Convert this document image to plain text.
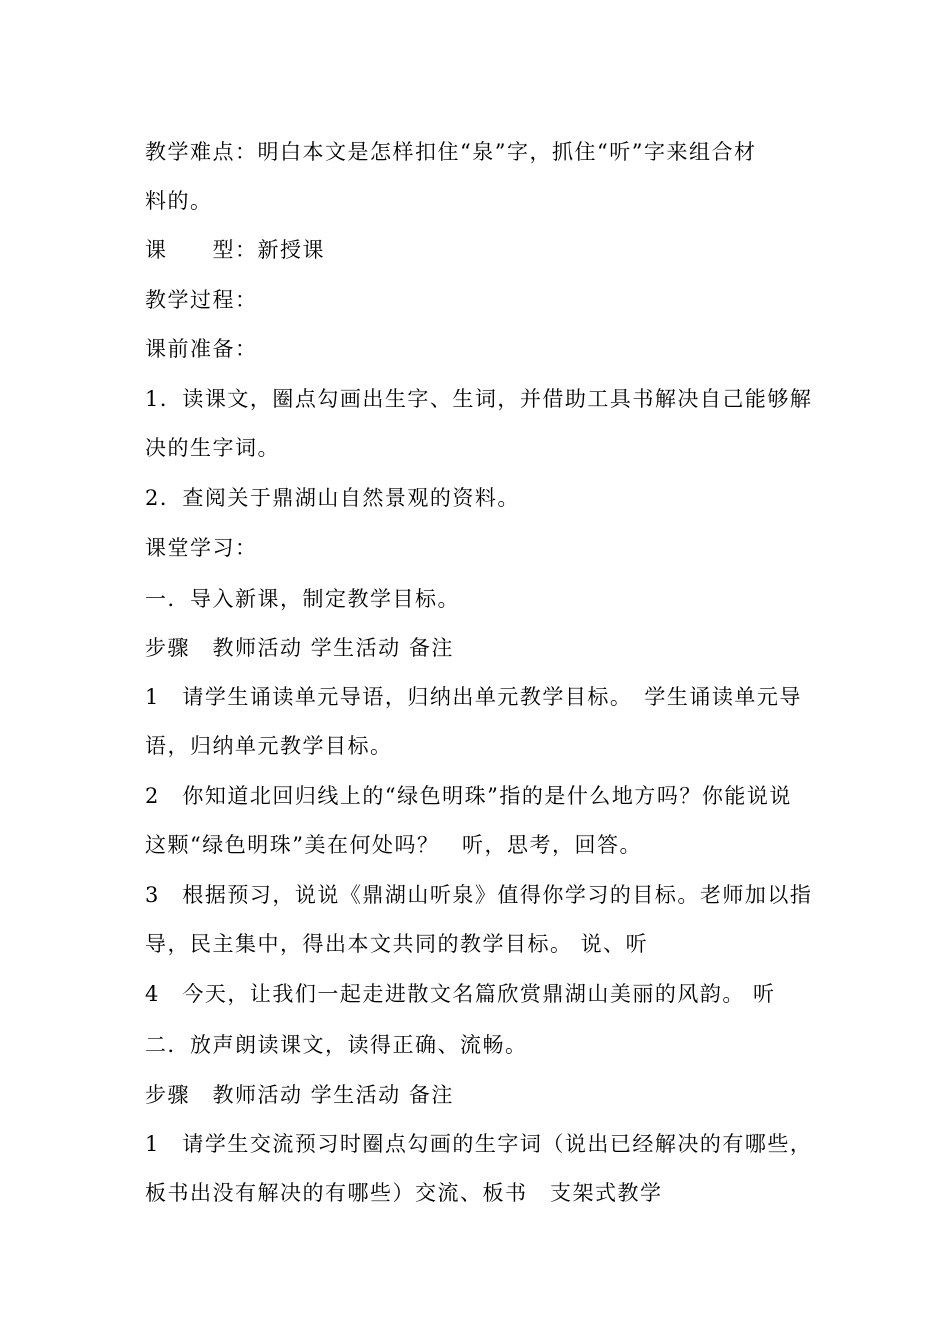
教学难点：明白本文是怎样扣住“泉”字，抓住“听”字来组合材
料的。
课　　型：新授课
教学过程：
课前准备：
1．读课文，圈点勾画出生字、生词，并借助工具书解决自己能够解
决的生字词。
2．查阅关于鼎湖山自然景观的资料。
课堂学习：
一．导入新课，制定教学目标。
步骤　教师活动 学生活动 备注
1　请学生诵读单元导语，归纳出单元教学目标。　学生诵读单元导
语，归纳单元教学目标。
2　你知道北回归线上的“绿色明珠”指的是什么地方吗？你能说说
这颗“绿色明珠”美在何处吗？　听，思考，回答。
3　根据预习，说说《鼎湖山听泉》值得你学习的目标。老师加以指
导，民主集中，得出本文共同的教学目标。 说、听
4　今天，让我们一起走进散文名篇欣赏鼎湖山美丽的风韵。 听
二．放声朗读课文，读得正确、流畅。
步骤　教师活动 学生活动 备注
1　请学生交流预习时圈点勾画的生字词（说出已经解决的有哪些，
板书出没有解决的有哪些）交流、板书　支架式教学
